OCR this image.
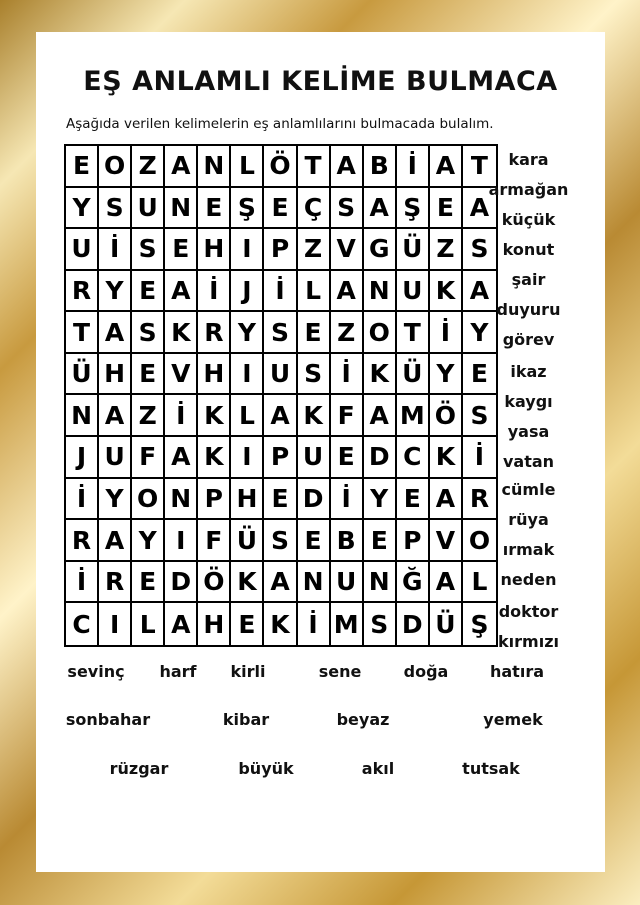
EŞ ANLAMLI KELİME BULMACA
Aşağıda verilen kelimelerin eş anlamlılarını bulmacada bulalım.
E O Z A N L Ö T A B İ A T
Y S U N E Ş E Ç S A Ş E A
U İ S E H I P Z V G Ü Z S
R Y E A İ J İ L A N U K A
T A S K R Y S E Z O T İ Y
Ü H E V H I U S İ K Ü Y E
N A Z İ K L A K F A M Ö S
J U F A K I P U E D C K İ
İ Y O N P H E D İ Y E A R
R A Y I F Ü S E B E P V O
İ R E D Ö K A N U N Ğ A L
C I L A H E K İ M S D Ü Ş
kara
armağan
küçük
konut
şair
duyuru
görev
ikaz
kaygı
yasa
vatan
cümle
rüya
ırmak
neden
doktor
kırmızı
sevinç harf kirli	sene	doğa	hatıra
sonbahar	kibar	beyaz	yemek
rüzgar	büyük	akıl	tutsak
